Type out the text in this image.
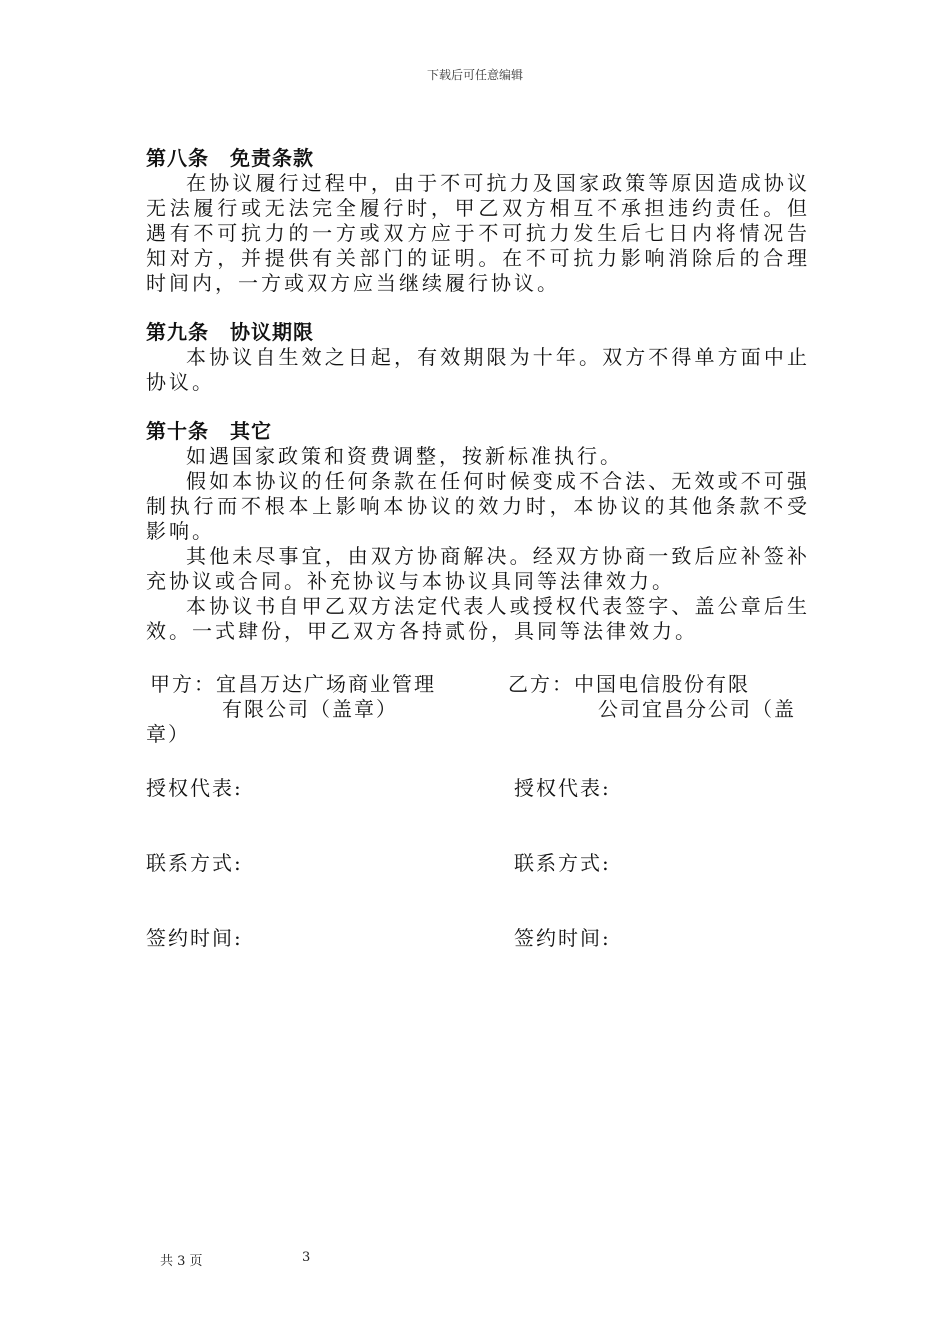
下载后可任意编辑

第八条　免责条款

在协议履行过程中，由于不可抗力及国家政策等原因造成协议无法履行或无法完全履行时，甲乙双方相互不承担违约责任。但遇有不可抗力的一方或双方应于不可抗力发生后七日内将情况告知对方，并提供有关部门的证明。在不可抗力影响消除后的合理时间内，一方或双方应当继续履行协议。

第九条　协议期限

本协议自生效之日起，有效期限为十年。双方不得单方面中止协议。

第十条　其它

如遇国家政策和资费调整，按新标准执行。

假如本协议的任何条款在任何时候变成不合法、无效或不可强制执行而不根本上影响本协议的效力时，本协议的其他条款不受影响。

其他未尽事宜，由双方协商解决。经双方协商一致后应补签补充协议或合同。补充协议与本协议具同等法律效力。

本协议书自甲乙双方法定代表人或授权代表签字、盖公章后生效。一式肆份，甲乙双方各持贰份，具同等法律效力。

甲方：宜昌万达广场商业管理	乙方：中国电信股份有限
有限公司（盖章）	公司宜昌分公司（盖
章）
授权代表:	授权代表:
联系方式:	联系方式:
签约时间:	签约时间:
共 3 页	3
